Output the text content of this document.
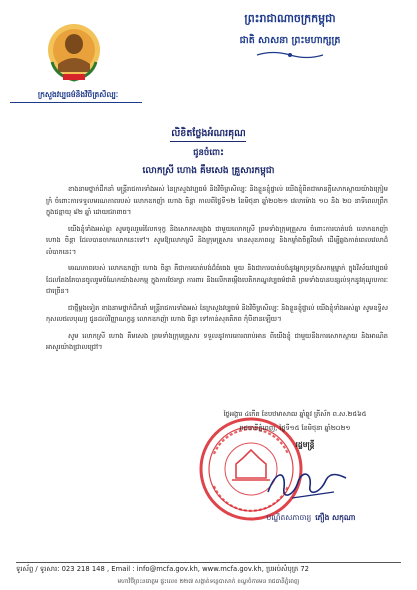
ក្រសួងវប្បធម៌និងវិចិត្រសិល្បៈ
ព្រះរាជាណាចក្រកម្ពុជា
ជាតិ សាសនា ព្រះមហាក្សត្រ
លិខិតថ្លែងអំណរគុណ
ជូនចំពោះ
លោកស្រី ហោង គឹមសេង គ្រួសារកម្ពុជា

ខាងនាមថ្នាក់ដឹកនាំ មន្ត្រីរាជការទាំងអស់ នៃក្រសួងវប្បធម៌ និងវិចិត្រសិល្បៈ និងខ្លួនខ្ញុំផ្ទាល់ យើងខ្ញុំពិតជាមានក្តីសោកស្តាយយ៉ាងក្រៀមក្រំ ចំពោះការទទួលមរណភាពរបស់ លោកឧកញ៉ា ហោង ចិន្តា កាលពីថ្ងៃទី១២ ខែមិថុនា ឆ្នាំ២០២១ វេលាម៉ោង ១០ និង ២០ នាទីពេលព្រឹក ក្នុងជន្មាយុ ៨២ ឆ្នាំ ដោយជរាពាធ។

យើងខ្ញុំទាំងអស់គ្នា សូមចូលរួមរំលែកទុក្ខ និងសោកសង្រេង ជាមួយលោកស្រី ព្រមទាំងក្រុមគ្រួសារ ចំពោះការបាត់បង់ លោកឧកញ៉ា ហោង ចិន្តា ដែលបានចាកលោកនេះទៅ។ សូមឱ្យលោកស្រី និងក្រុមគ្រួសារ មានសុខភាពល្អ និងកម្លាំងចិត្តរឹងមាំ ដើម្បីឆ្លងកាត់ពេលវេលាដ៏លំបាកនេះ។

មរណភាពរបស់ លោកឧកញ៉ា ហោង ចិន្តា គឺជាការបាត់បង់ដ៏ធំធេង មួយ និងជាការបាត់បង់នូវអ្នកទ្រទ្រង់សកម្មម្នាក់ ក្នុងវិស័យវប្បធម៌ ដែលតែងតែបានចូលរួមចំណែកយ៉ាងសកម្ម ក្នុងការថែរក្សា ការពារ និងលើកតម្កើងបេតិកភណ្ឌវប្បធម៌ជាតិ ព្រមទាំងបានបន្សល់ទុកនូវគុណូបការៈជាច្រើន។

ជាថ្មីម្តងទៀត ខាងនាមថ្នាក់ដឹកនាំ មន្ត្រីរាជការទាំងអស់ នៃក្រសួងវប្បធម៌ និងវិចិត្រសិល្បៈ និងខ្លួនខ្ញុំផ្ទាល់ យើងខ្ញុំទាំងអស់គ្នា សូមឧទ្ទិសកុសលផលបុណ្យ ជូនដល់វិញ្ញាណក្ខន្ធ លោកឧកញ៉ា ហោង ចិន្តា ទៅកាន់សុគតិភព កុំបីខានឡើយ។

សូម លោកស្រី ហោង គឹមសេង ព្រមទាំងក្រុមគ្រួសារ ទទួលនូវការគោរពរាប់អាន ពីយើងខ្ញុំ ជាមួយនឹងការសោកស្តាយ និងអាណិតអាសូរយ៉ាងជ្រាលជ្រៅ។

ថ្ងៃអង្គារ ៤កើត ខែបឋមាសាឍ ឆ្នាំឆ្លូវ ត្រីស័ក ព.ស.២៥៦៥
រាជធានីភ្នំពេញ, ថ្ងៃទី១៥ ខែមិថុនា ឆ្នាំ២០២១
រដ្ឋមន្ត្រី
បណ្ឌិតសភាចារ្យ ភឿង សកុណា
ទូរស័ព្ទ / ទូរសារ: 023 218 148 , Email : info@mcfa.gov.kh, www.mcfa.gov.kh, ប្រអប់សំបុត្រ 72
មហាវិថីព្រះនរោត្តម ផ្ទះលេខ ២២៧ សង្កាត់ទន្លេបាសាក់ ខណ្ឌចំការមន រាជធានីភ្នំពេញ
